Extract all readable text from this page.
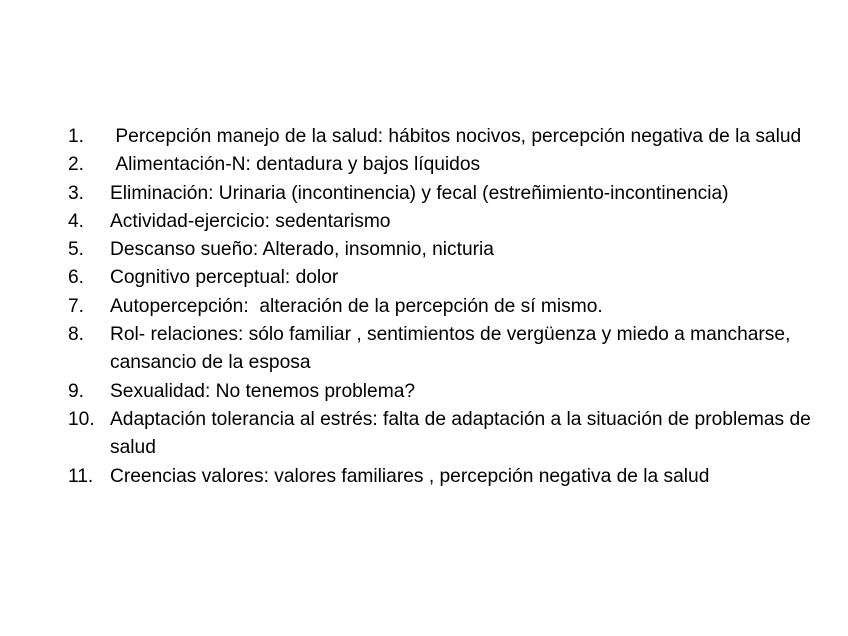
1.	Percepción manejo de la salud: hábitos nocivos, percepción negativa de la salud
2.	Alimentación-N: dentadura y bajos líquidos
3.	Eliminación: Urinaria (incontinencia) y fecal (estreñimiento-incontinencia)
4.	Actividad-ejercicio: sedentarismo
5.	Descanso sueño: Alterado, insomnio, nicturia
6.	Cognitivo perceptual: dolor
7.	Autopercepción:  alteración de la percepción de sí mismo.
8.	Rol- relaciones: sólo familiar , sentimientos de vergüenza y miedo a mancharse, cansancio de la esposa
9.	Sexualidad: No tenemos problema?
10. Adaptación tolerancia al estrés: falta de adaptación a la situación de problemas de salud
11. Creencias valores: valores familiares , percepción negativa de la salud
